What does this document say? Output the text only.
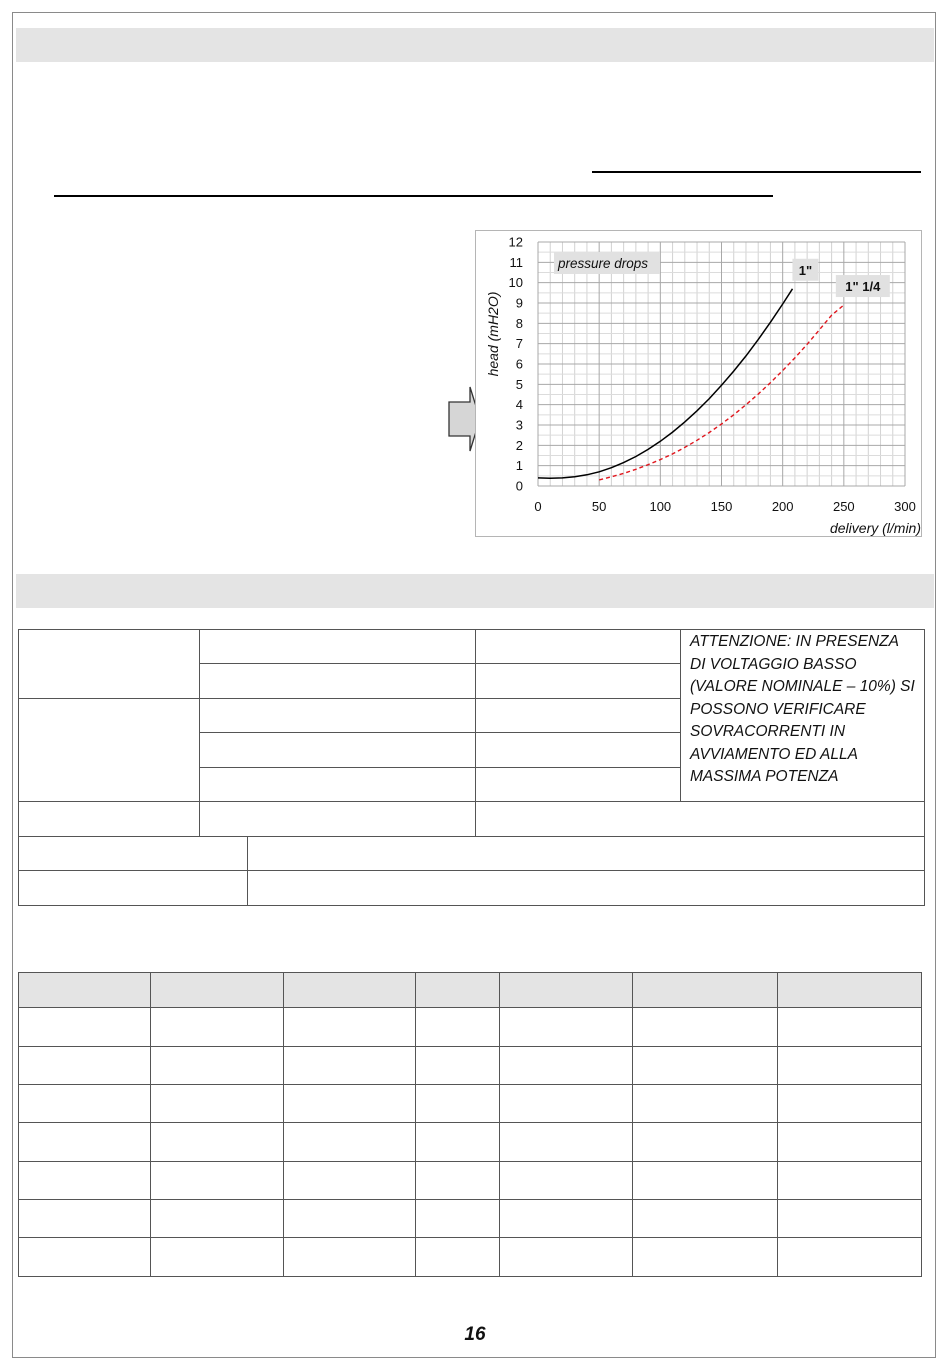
0
1
2
3
4
5
6
7
8
9
10
11
12
0	50	100	150	200	250	300
1"
1" 1/4
pressure drops
delivery (l/min)
head (mH2O)
				ATTENZIONE: IN PRESENZA DI VOLTAGGIO BASSO (VALORE NOMINALE – 10%) SI POSSONO VERIFICARE SOVRACORRENTI IN AVVIAMENTO ED ALLA MASSIMA POTENZA

16
